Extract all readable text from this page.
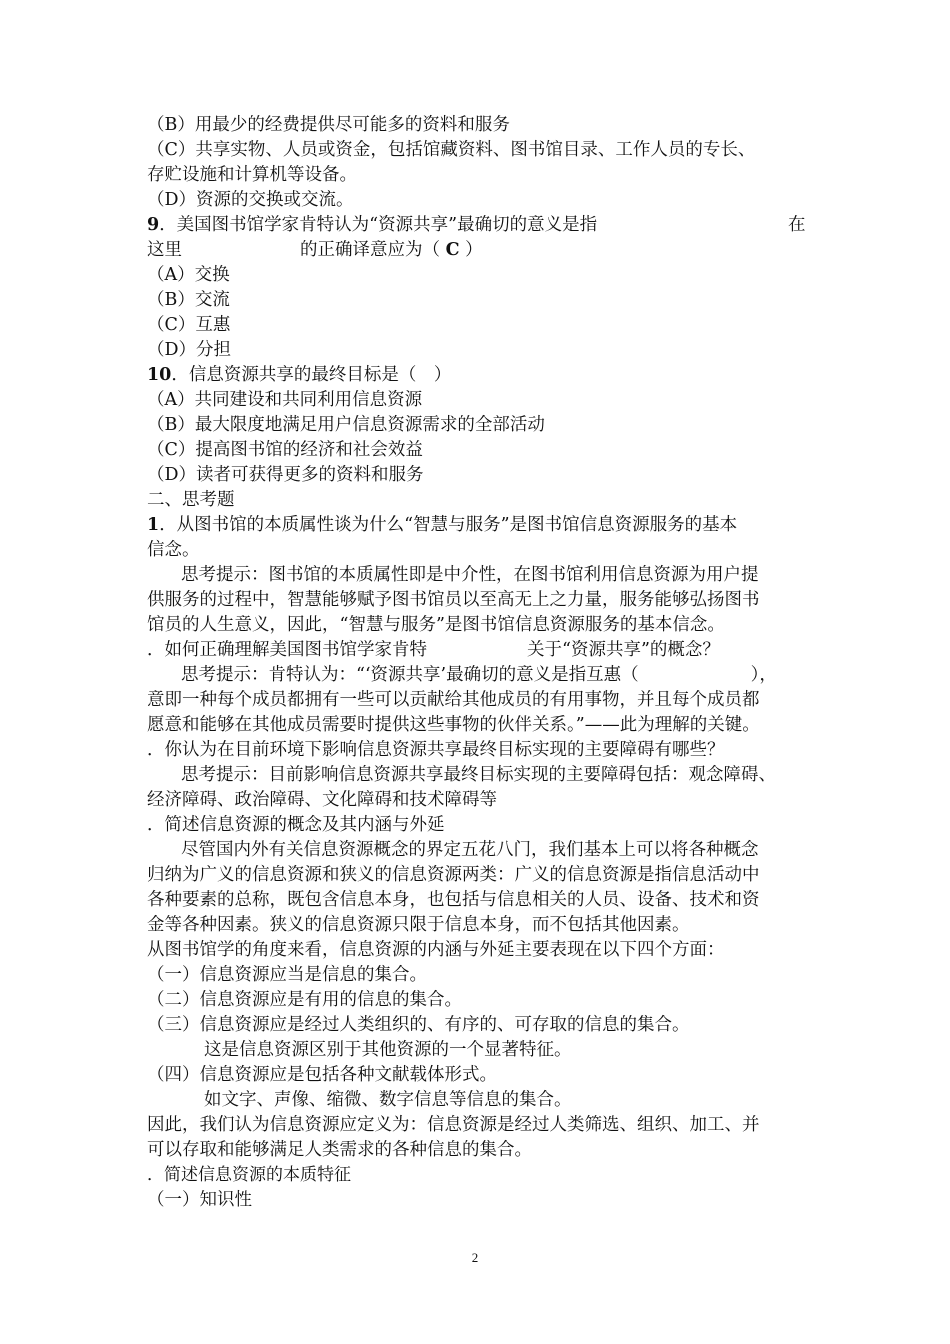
（B）用最少的经费提供尽可能多的资料和服务

（C）共享实物、人员或资金，包括馆藏资料、图书馆目录、工作人员的专长、

存贮设施和计算机等设备。

（D）资源的交换或交流。

9．美国图书馆学家肯特认为“资源共享”最确切的意义是指	在

这里	的正确译意应为（ C ）

（A）交换

（B）交流

（C）互惠

（D）分担

10．信息资源共享的最终目标是（　）

（A）共同建设和共同利用信息资源

（B）最大限度地满足用户信息资源需求的全部活动

（C）提高图书馆的经济和社会效益

（D）读者可获得更多的资料和服务

二、思考题

1．从图书馆的本质属性谈为什么“智慧与服务”是图书馆信息资源服务的基本

信念。

思考提示：图书馆的本质属性即是中介性，在图书馆利用信息资源为用户提

供服务的过程中，智慧能够赋予图书馆员以至高无上之力量，服务能够弘扬图书

馆员的人生意义，因此，“智慧与服务”是图书馆信息资源服务的基本信念。

．如何正确理解美国图书馆学家肯特	关于“资源共享”的概念？

思考提示：肯特认为：“‘资源共享’最确切的意义是指互惠（	），

意即一种每个成员都拥有一些可以贡献给其他成员的有用事物，并且每个成员都

愿意和能够在其他成员需要时提供这些事物的伙伴关系。”——此为理解的关键。

．你认为在目前环境下影响信息资源共享最终目标实现的主要障碍有哪些？

思考提示：目前影响信息资源共享最终目标实现的主要障碍包括：观念障碍、

经济障碍、政治障碍、文化障碍和技术障碍等

．简述信息资源的概念及其内涵与外延

尽管国内外有关信息资源概念的界定五花八门，我们基本上可以将各种概念

归纳为广义的信息资源和狭义的信息资源两类：广义的信息资源是指信息活动中

各种要素的总称，既包含信息本身，也包括与信息相关的人员、设备、技术和资

金等各种因素。狭义的信息资源只限于信息本身，而不包括其他因素。

从图书馆学的角度来看，信息资源的内涵与外延主要表现在以下四个方面：

（一）信息资源应当是信息的集合。

（二）信息资源应是有用的信息的集合。

（三）信息资源应是经过人类组织的、有序的、可存取的信息的集合。

这是信息资源区别于其他资源的一个显著特征。

（四）信息资源应是包括各种文献载体形式。

如文字、声像、缩微、数字信息等信息的集合。

因此，我们认为信息资源应定义为：信息资源是经过人类筛选、组织、加工、并

可以存取和能够满足人类需求的各种信息的集合。

．简述信息资源的本质特征

（一）知识性

2
